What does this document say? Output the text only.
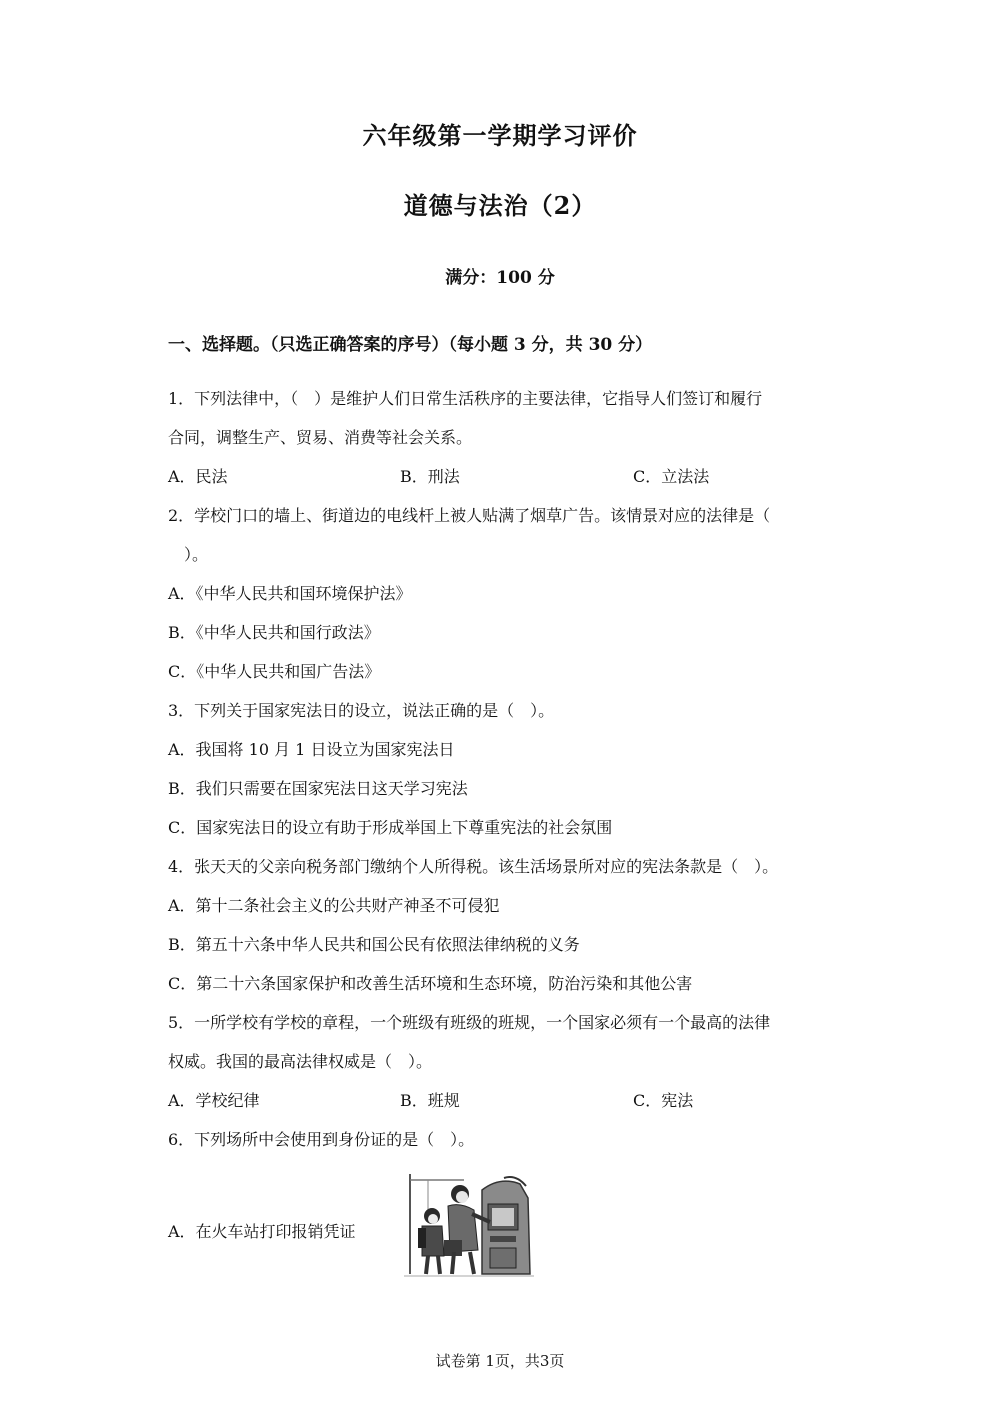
六年级第一学期学习评价
道德与法治（2）
满分：100 分
一、选择题。（只选正确答案的序号）（每小题 3 分，共 30 分）
1．下列法律中，（　）是维护人们日常生活秩序的主要法律，它指导人们签订和履行
合同，调整生产、贸易、消费等社会关系。
A．民法	B．刑法	C．立法法
2．学校门口的墙上、街道边的电线杆上被人贴满了烟草广告。该情景对应的法律是（
　）。
A．《中华人民共和国环境保护法》
B．《中华人民共和国行政法》
C．《中华人民共和国广告法》
3．下列关于国家宪法日的设立，说法正确的是（　）。
A．我国将 10 月 1 日设立为国家宪法日
B．我们只需要在国家宪法日这天学习宪法
C．国家宪法日的设立有助于形成举国上下尊重宪法的社会氛围
4．张天天的父亲向税务部门缴纳个人所得税。该生活场景所对应的宪法条款是（　）。
A．第十二条社会主义的公共财产神圣不可侵犯
B．第五十六条中华人民共和国公民有依照法律纳税的义务
C．第二十六条国家保护和改善生活环境和生态环境，防治污染和其他公害
5．一所学校有学校的章程，一个班级有班级的班规，一个国家必须有一个最高的法律
权威。我国的最高法律权威是（　）。
A．学校纪律	B．班规	C．宪法
6．下列场所中会使用到身份证的是（　）。
A．在火车站打印报销凭证
试卷第 1页，共3页
